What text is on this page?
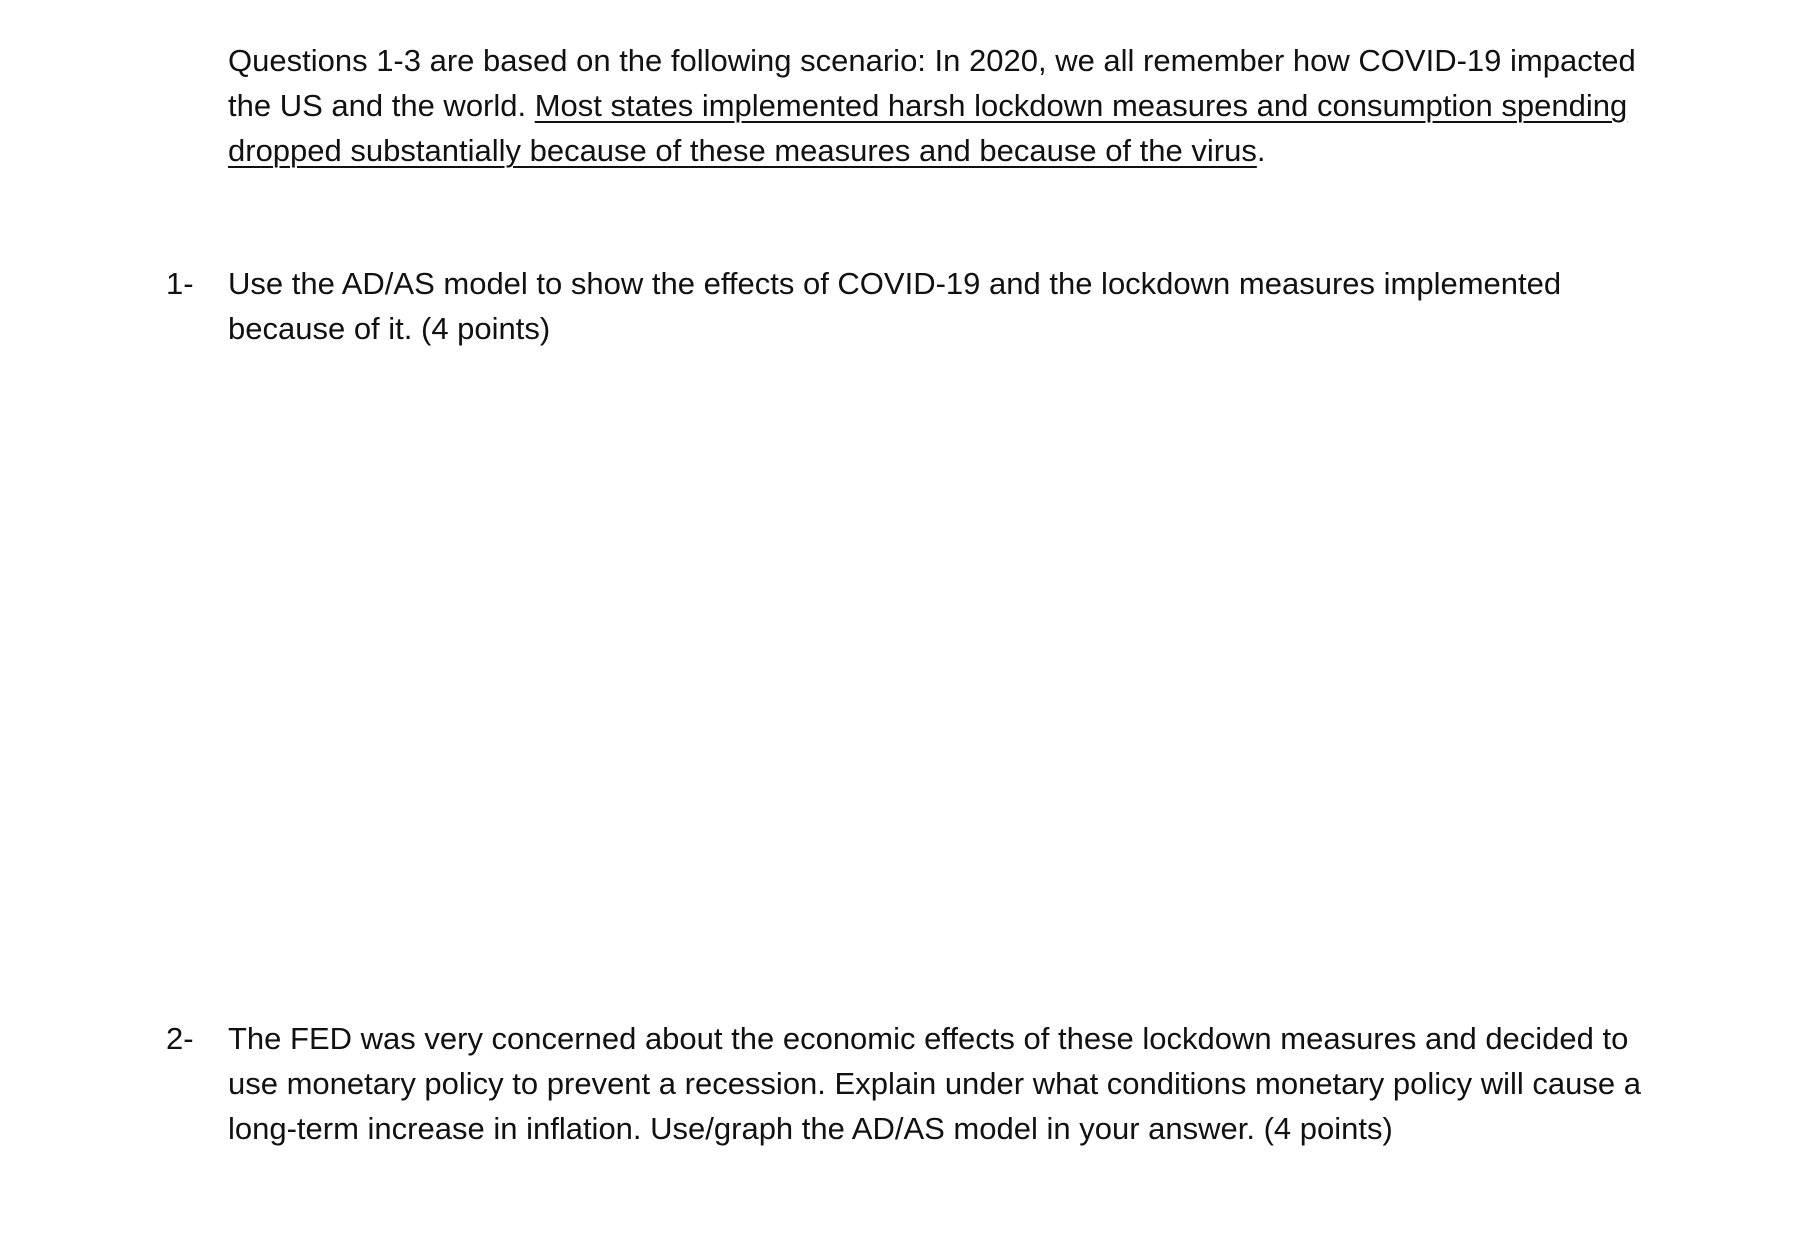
Questions 1-3 are based on the following scenario: In 2020, we all remember how COVID-19 impacted the US and the world. Most states implemented harsh lockdown measures and consumption spending dropped substantially because of these measures and because of the virus.

1-	Use the AD/AS model to show the effects of COVID-19 and the lockdown measures implemented because of it. (4 points)

2-	The FED was very concerned about the economic effects of these lockdown measures and decided to use monetary policy to prevent a recession. Explain under what conditions monetary policy will cause a long-term increase in inflation. Use/graph the AD/AS model in your answer. (4 points)
